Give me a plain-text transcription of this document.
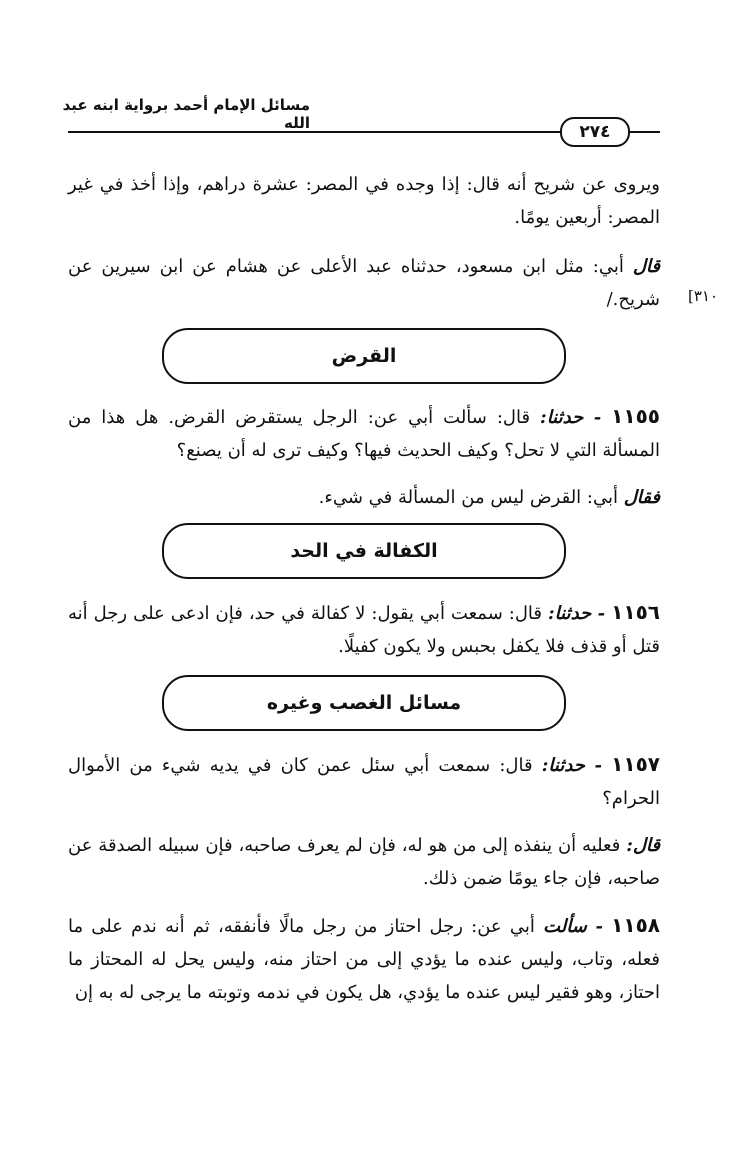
مسائل الإمام أحمد برواية ابنه عبد الله	٢٧٤
[٣١٠

ويروى عن شريح أنه قال: إذا وجده في المصر: عشرة دراهم، وإذا أخذ في غير المصر: أربعين يومًا.

قال أبي: مثل ابن مسعود، حدثناه عبد الأعلى عن هشام عن ابن سيرين عن شريح./

القرض

١١٥٥ - حدثنا: قال: سألت أبي عن: الرجل يستقرض القرض. هل هذا من المسألة التي لا تحل؟ وكيف الحديث فيها؟ وكيف ترى له أن يصنع؟

فقال أبي: القرض ليس من المسألة في شيء.

الكفالة في الحد

١١٥٦ - حدثنا: قال: سمعت أبي يقول: لا كفالة في حد، فإن ادعى على رجل أنه قتل أو قذف فلا يكفل بحبس ولا يكون كفيلًا.

مسائل الغصب وغيره

١١٥٧ - حدثنا: قال: سمعت أبي سئل عمن كان في يديه شيء من الأموال الحرام؟

قال: فعليه أن ينفذه إلى من هو له، فإن لم يعرف صاحبه، فإن سبيله الصدقة عن صاحبه، فإن جاء يومًا ضمن ذلك.

١١٥٨ - سألت أبي عن: رجل احتاز من رجل مالًا فأنفقه، ثم أنه ندم على ما فعله، وتاب، وليس عنده ما يؤدي إلى من احتاز منه، وليس يحل له المحتاز ما احتاز، وهو فقير ليس عنده ما يؤدي، هل يكون في ندمه وتوبته ما يرجى له به إن
